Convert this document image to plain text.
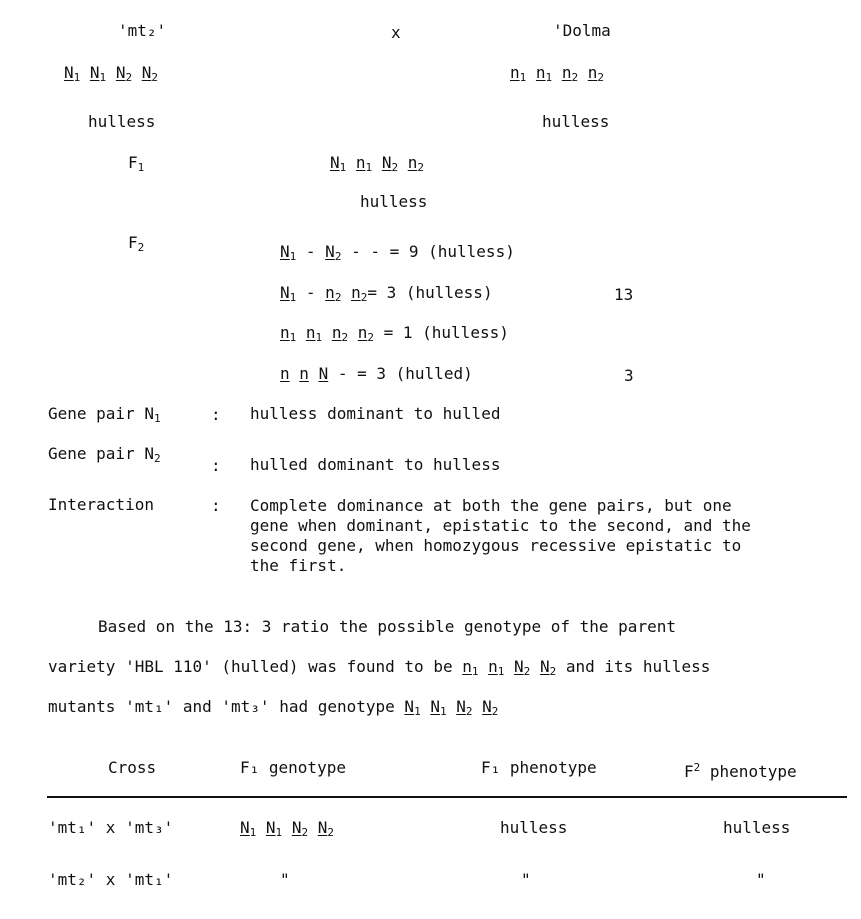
'mt₂'	x	'Dolma
$N_1$ $N_1$ $N_2$ $N_2$	$n_1$ $n_1$ $n_2$ $n_2$
hulless	hulless
$F_1$	$N_1$ $n_1$ $N_2$ $n_2$
hulless
$F_2$	$N_1 - N_2$ - - = 9 (hulless)
$N_1 - n_2$ $n_2= 3$ (hulless)	13
$n_1$ $n_1$ $n_2$ $n_2 = 1$ (hulless)
n n N - = 3 (hulled)	3
Gene pair $N_1$	: hulless dominant to hulled
Gene pair $N_2$	: hulled dominant to hulless
Interaction	: Complete dominance at both the gene pairs, but one gene when dominant, epistatic to the second, and the second gene, when homozygous recessive epistatic to the first.
Based on the 13: 3 ratio the possible genotype of the parent
variety 'HBL 110' (hulled) was found to be $n_1$ $n_1$ $N_2$ $N_2$ and its hulless
mutants 'mt₁' and 'mt₃' had genotype $N_1$ $N_1$ $N_2$ $N_2$
Cross	F₁ genotype	F₁ phenotype	$F^2$ phenotype
'mt₁' x 'mt₃'	$N_1$ $N_1$ $N_2$ $N_2$	hulless	hulless
'mt₂' x 'mt₁'	"	"	"
